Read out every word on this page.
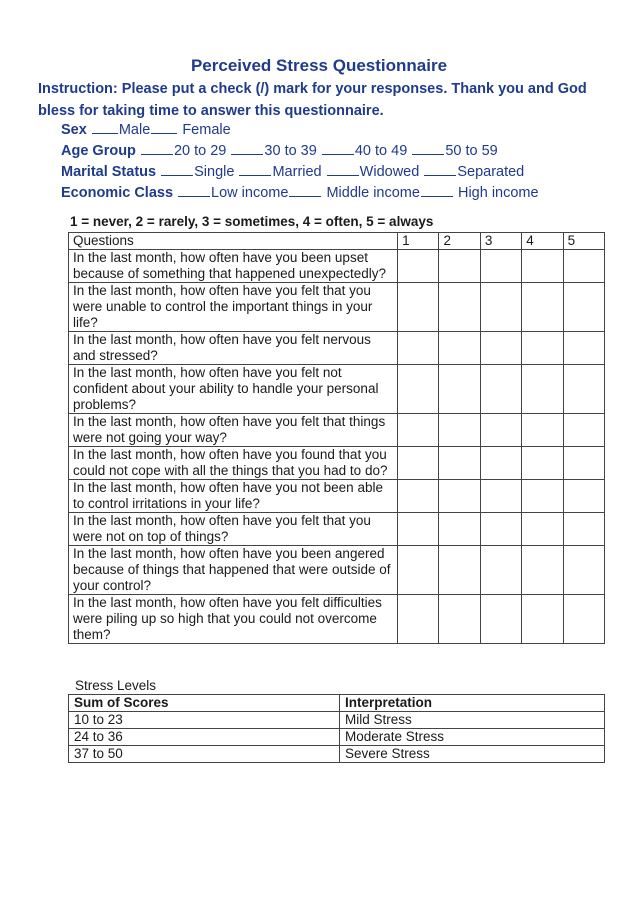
Perceived Stress Questionnaire
Instruction: Please put a check (/) mark for your responses. Thank you and God bless for taking time to answer this questionnaire.
Sex Male Female
Age Group	20 to 29	30 to 39	40 to 49	50 to 59
Marital Status	Single	Married	Widowed	Separated
Economic Class	Low income	Middle income	High income
1 = never, 2 = rarely, 3 = sometimes, 4 = often, 5 = always
Questions	1	2	3	4	5
In the last month, how often have you been upset because of something that happened unexpectedly?					
In the last month, how often have you felt that you were unable to control the important things in your life?					
In the last month, how often have you felt nervous and stressed?					
In the last month, how often have you felt not confident about your ability to handle your personal problems?					
In the last month, how often have you felt that things were not going your way?					
In the last month, how often have you found that you could not cope with all the things that you had to do?					
In the last month, how often have you not been able to control irritations in your life?					
In the last month, how often have you felt that you were not on top of things?					
In the last month, how often have you been angered because of things that happened that were outside of your control?					
In the last month, how often have you felt difficulties were piling up so high that you could not overcome them?					
Stress Levels
Sum of Scores	Interpretation
10 to 23	Mild Stress
24 to 36	Moderate Stress
37 to 50	Severe Stress
